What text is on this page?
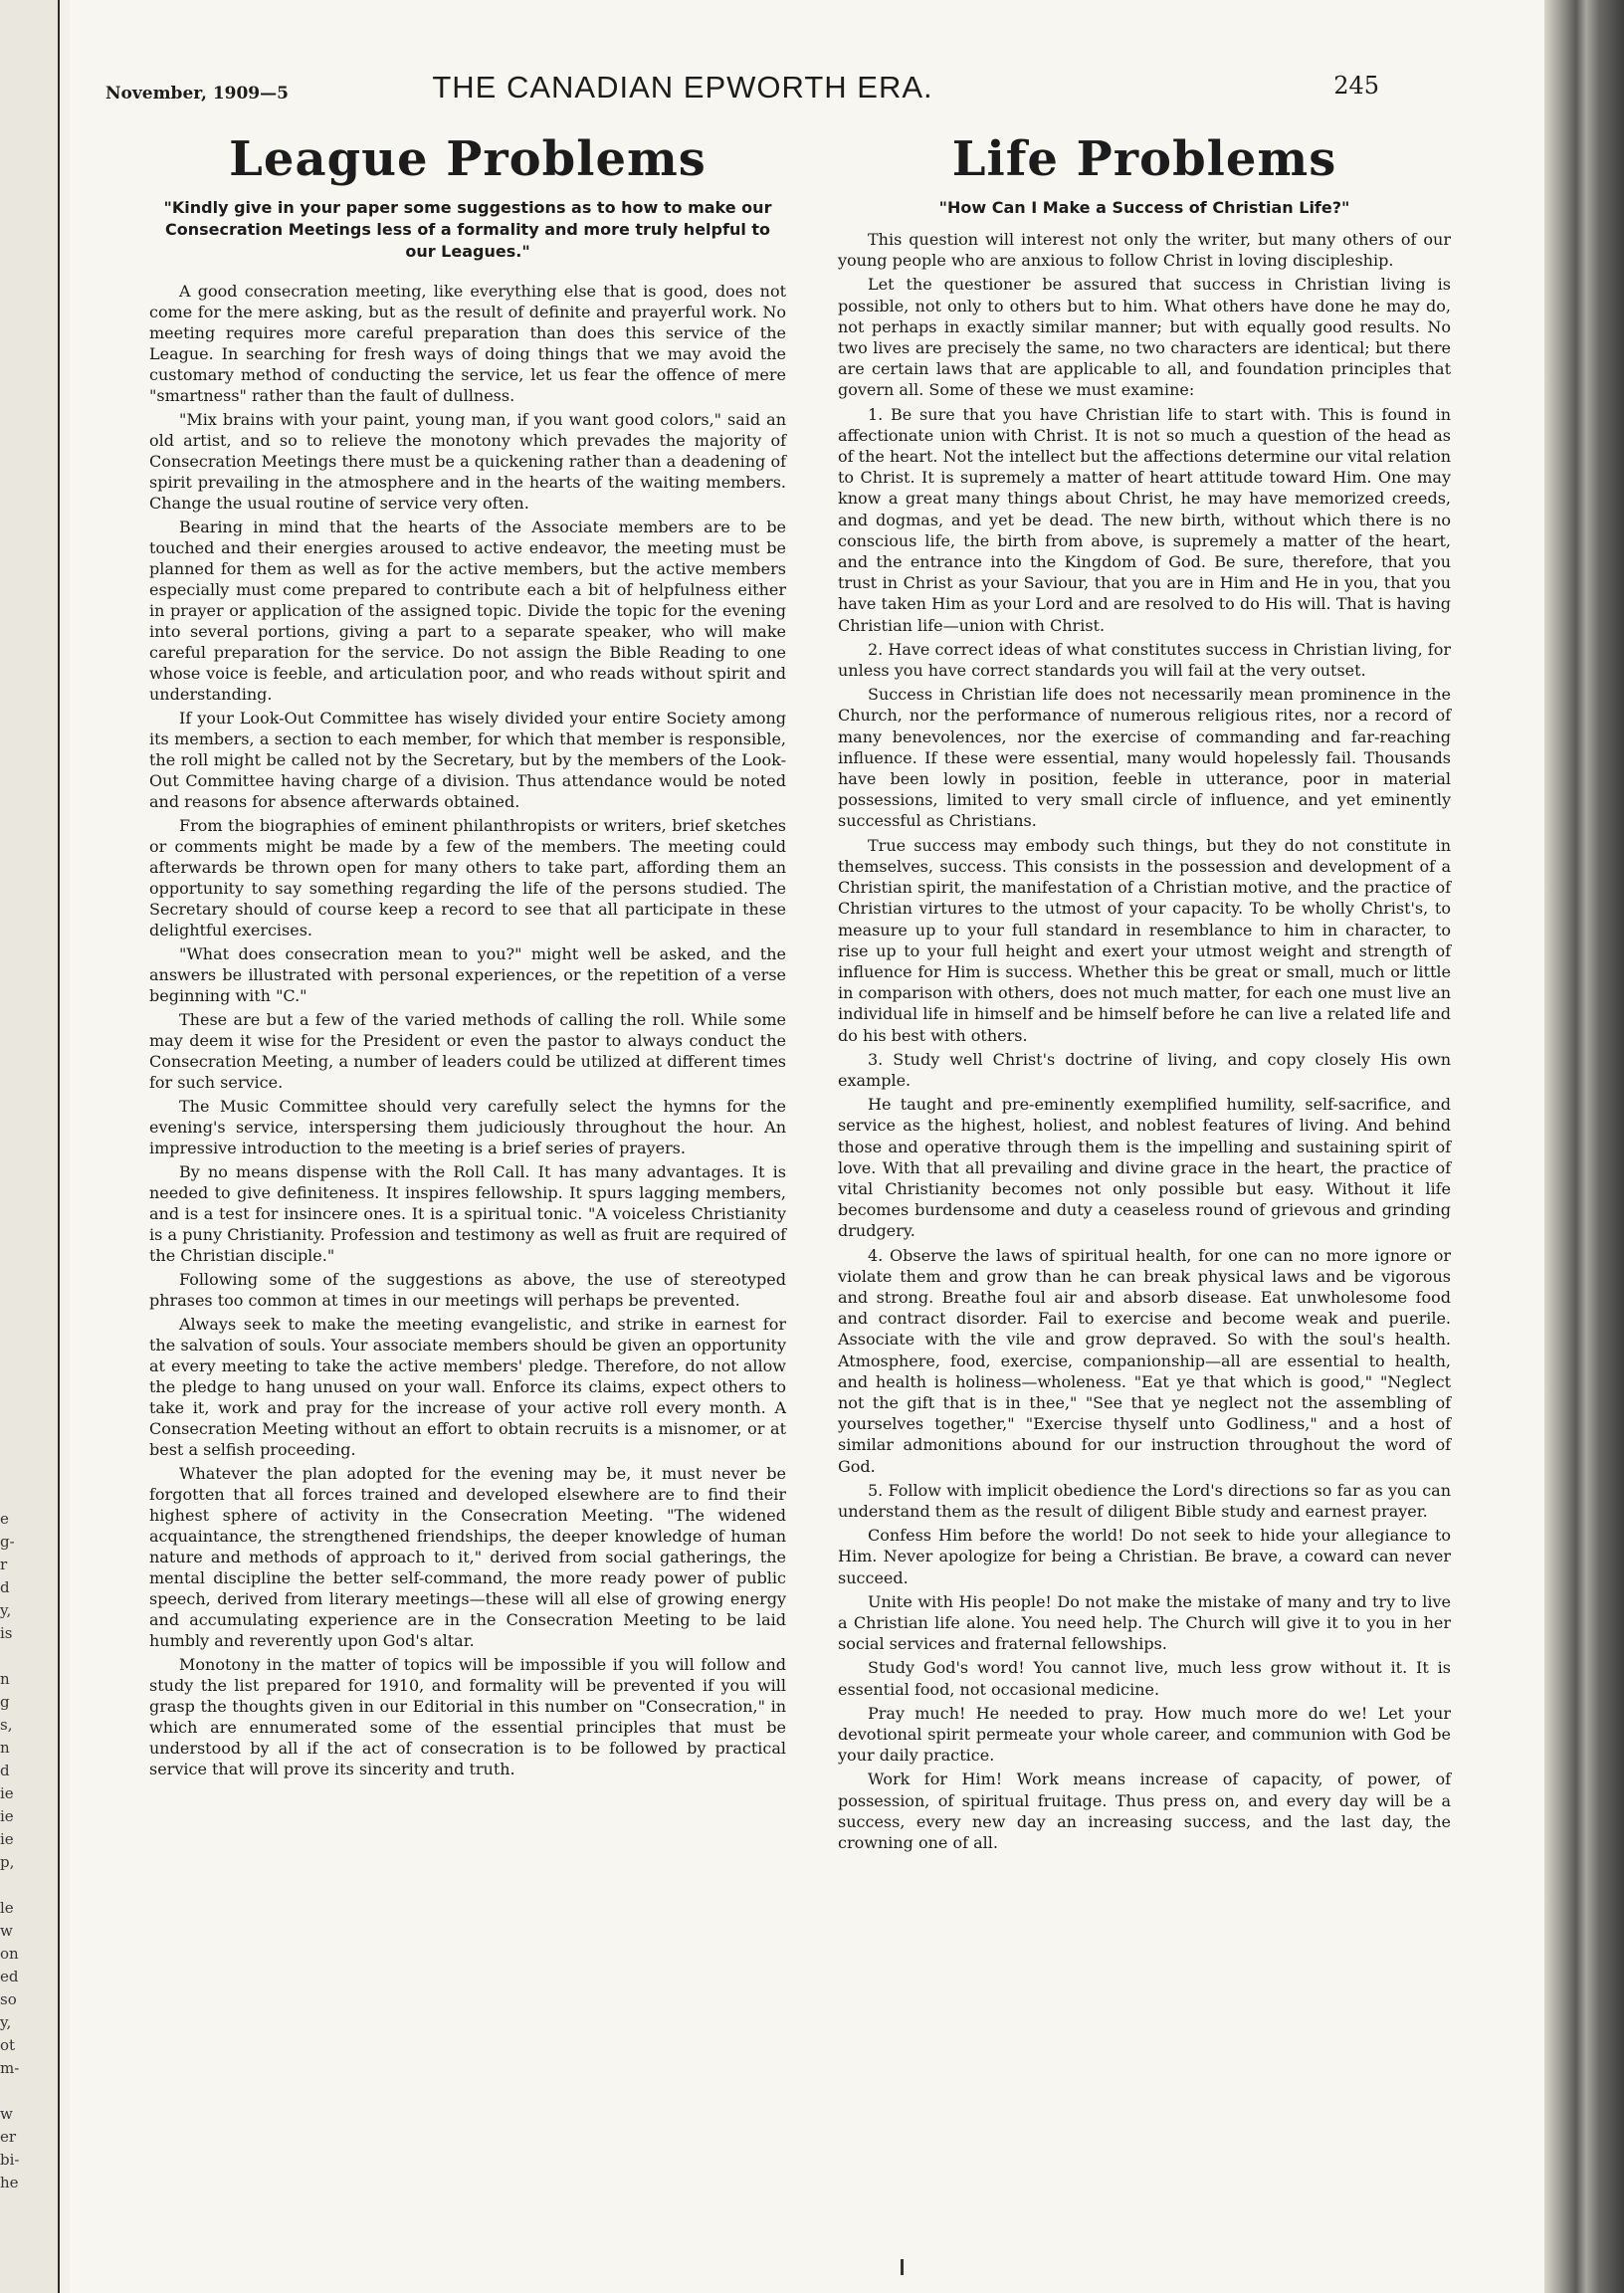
e
g-
r
d
y,
is
n
g
s,
n
d
ie
ie
ie
p,
le
w
on
ed
so
y,
ot
m-
w
er
bi-
he
November, 1909—5	THE CANADIAN EPWORTH ERA.	245
League Problems
"Kindly give in your paper some suggestions as to how to make our Consecration Meetings less of a formality and more truly helpful to our Leagues."

A good consecration meeting, like everything else that is good, does not come for the mere asking, but as the result of definite and prayerful work. No meeting requires more careful preparation than does this service of the League. In searching for fresh ways of doing things that we may avoid the customary method of conducting the service, let us fear the offence of mere "smartness" rather than the fault of dullness.

"Mix brains with your paint, young man, if you want good colors," said an old artist, and so to relieve the monotony which prevades the majority of Consecration Meetings there must be a quickening rather than a deadening of spirit prevailing in the atmosphere and in the hearts of the waiting members. Change the usual routine of service very often.

Bearing in mind that the hearts of the Associate members are to be touched and their energies aroused to active endeavor, the meeting must be planned for them as well as for the active members, but the active members especially must come prepared to contribute each a bit of helpfulness either in prayer or application of the assigned topic. Divide the topic for the evening into several portions, giving a part to a separate speaker, who will make careful preparation for the service. Do not assign the Bible Reading to one whose voice is feeble, and articulation poor, and who reads without spirit and understanding.

If your Look-Out Committee has wisely divided your entire Society among its members, a section to each member, for which that member is responsible, the roll might be called not by the Secretary, but by the members of the Look-Out Committee having charge of a division. Thus attendance would be noted and reasons for absence afterwards obtained.

From the biographies of eminent philanthropists or writers, brief sketches or comments might be made by a few of the members. The meeting could afterwards be thrown open for many others to take part, affording them an opportunity to say something regarding the life of the persons studied. The Secretary should of course keep a record to see that all participate in these delightful exercises.

"What does consecration mean to you?" might well be asked, and the answers be illustrated with personal experiences, or the repetition of a verse beginning with "C."

These are but a few of the varied methods of calling the roll. While some may deem it wise for the President or even the pastor to always conduct the Consecration Meeting, a number of leaders could be utilized at different times for such service.

The Music Committee should very carefully select the hymns for the evening's service, interspersing them judiciously throughout the hour. An impressive introduction to the meeting is a brief series of prayers.

By no means dispense with the Roll Call. It has many advantages. It is needed to give definiteness. It inspires fellowship. It spurs lagging members, and is a test for insincere ones. It is a spiritual tonic. "A voiceless Christianity is a puny Christianity. Profession and testimony as well as fruit are required of the Christian disciple."

Following some of the suggestions as above, the use of stereotyped phrases too common at times in our meetings will perhaps be prevented.

Always seek to make the meeting evangelistic, and strike in earnest for the salvation of souls. Your associate members should be given an opportunity at every meeting to take the active members' pledge. Therefore, do not allow the pledge to hang unused on your wall. Enforce its claims, expect others to take it, work and pray for the increase of your active roll every month. A Consecration Meeting without an effort to obtain recruits is a misnomer, or at best a selfish proceeding.

Whatever the plan adopted for the evening may be, it must never be forgotten that all forces trained and developed elsewhere are to find their highest sphere of activity in the Consecration Meeting. "The widened acquaintance, the strengthened friendships, the deeper knowledge of human nature and methods of approach to it," derived from social gatherings, the mental discipline the better self-command, the more ready power of public speech, derived from literary meetings—these will all else of growing energy and accumulating experience are in the Consecration Meeting to be laid humbly and reverently upon God's altar.

Monotony in the matter of topics will be impossible if you will follow and study the list prepared for 1910, and formality will be prevented if you will grasp the thoughts given in our Editorial in this number on "Consecration," in which are ennumerated some of the essential principles that must be understood by all if the act of consecration is to be followed by practical service that will prove its sincerity and truth.

Life Problems
"How Can I Make a Success of Christian Life?"

This question will interest not only the writer, but many others of our young people who are anxious to follow Christ in loving discipleship.

Let the questioner be assured that success in Christian living is possible, not only to others but to him. What others have done he may do, not perhaps in exactly similar manner; but with equally good results. No two lives are precisely the same, no two characters are identical; but there are certain laws that are applicable to all, and foundation principles that govern all. Some of these we must examine:

1. Be sure that you have Christian life to start with. This is found in affectionate union with Christ. It is not so much a question of the head as of the heart. Not the intellect but the affections determine our vital relation to Christ. It is supremely a matter of heart attitude toward Him. One may know a great many things about Christ, he may have memorized creeds, and dogmas, and yet be dead. The new birth, without which there is no conscious life, the birth from above, is supremely a matter of the heart, and the entrance into the Kingdom of God. Be sure, therefore, that you trust in Christ as your Saviour, that you are in Him and He in you, that you have taken Him as your Lord and are resolved to do His will. That is having Christian life—union with Christ.

2. Have correct ideas of what constitutes success in Christian living, for unless you have correct standards you will fail at the very outset.

Success in Christian life does not necessarily mean prominence in the Church, nor the performance of numerous religious rites, nor a record of many benevolences, nor the exercise of commanding and far-reaching influence. If these were essential, many would hopelessly fail. Thousands have been lowly in position, feeble in utterance, poor in material possessions, limited to very small circle of influence, and yet eminently successful as Christians.

True success may embody such things, but they do not constitute in themselves, success. This consists in the possession and development of a Christian spirit, the manifestation of a Christian motive, and the practice of Christian virtures to the utmost of your capacity. To be wholly Christ's, to measure up to your full standard in resemblance to him in character, to rise up to your full height and exert your utmost weight and strength of influence for Him is success. Whether this be great or small, much or little in comparison with others, does not much matter, for each one must live an individual life in himself and be himself before he can live a related life and do his best with others.

3. Study well Christ's doctrine of living, and copy closely His own example.

He taught and pre-eminently exemplified humility, self-sacrifice, and service as the highest, holiest, and noblest features of living. And behind those and operative through them is the impelling and sustaining spirit of love. With that all prevailing and divine grace in the heart, the practice of vital Christianity becomes not only possible but easy. Without it life becomes burdensome and duty a ceaseless round of grievous and grinding drudgery.

4. Observe the laws of spiritual health, for one can no more ignore or violate them and grow than he can break physical laws and be vigorous and strong. Breathe foul air and absorb disease. Eat unwholesome food and contract disorder. Fail to exercise and become weak and puerile. Associate with the vile and grow depraved. So with the soul's health. Atmosphere, food, exercise, companionship—all are essential to health, and health is holiness—wholeness. "Eat ye that which is good," "Neglect not the gift that is in thee," "See that ye neglect not the assembling of yourselves together," "Exercise thyself unto Godliness," and a host of similar admonitions abound for our instruction throughout the word of God.

5. Follow with implicit obedience the Lord's directions so far as you can understand them as the result of diligent Bible study and earnest prayer.

Confess Him before the world! Do not seek to hide your allegiance to Him. Never apologize for being a Christian. Be brave, a coward can never succeed.

Unite with His people! Do not make the mistake of many and try to live a Christian life alone. You need help. The Church will give it to you in her social services and fraternal fellowships.

Study God's word! You cannot live, much less grow without it. It is essential food, not occasional medicine.

Pray much! He needed to pray. How much more do we! Let your devotional spirit permeate your whole career, and communion with God be your daily practice.

Work for Him! Work means increase of capacity, of power, of possession, of spiritual fruitage. Thus press on, and every day will be a success, every new day an increasing success, and the last day, the crowning one of all.
